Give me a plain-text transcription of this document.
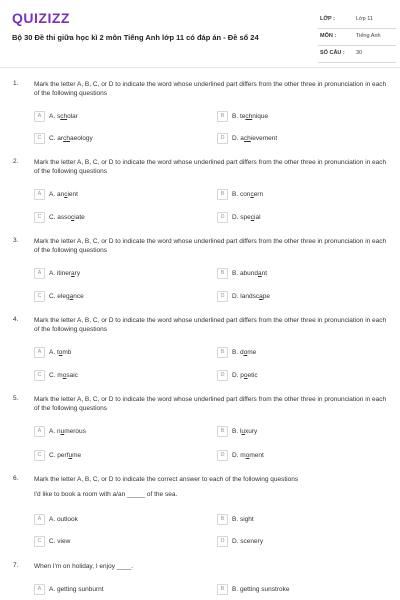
QUIZIZZ
Bộ 30 Đề thi giữa học kì 2 môn Tiếng Anh lớp 11 có đáp án - Đề số 24
LỚP :	Lớp 11
MÔN :	Tiếng Anh
SỐ CÂU : 30
1. Mark the letter A, B, C, or D to indicate the word whose underlined part differs from the other three in pronunciation in each of the following questions
A	A. scholar	B	B. technique
C	C. archaeology	D	D. achievement
2. Mark the letter A, B, C, or D to indicate the word whose underlined part differs from the other three in pronunciation in each of the following questions
A	A. ancient	B	B. concern
C	C. associate	D	D. special
3. Mark the letter A, B, C, or D to indicate the word whose underlined part differs from the other three in pronunciation in each of the following questions
A	A. itinerary	B	B. abundant
C	C. elegance	D	D. landscape
4. Mark the letter A, B, C, or D to indicate the word whose underlined part differs from the other three in pronunciation in each of the following questions
A	A. tomb	B	B. dome
C	C. mosaic	D	D. poetic
5. Mark the letter A, B, C, or D to indicate the word whose underlined part differs from the other three in pronunciation in each of the following questions
A	A. numerous	B	B. luxury
C	C. perfume	D	D. moment
6. Mark the letter A, B, C, or D to indicate the correct answer to each of the following questions
I'd like to book a room with a/an _____ of the sea.
A	A. outlook	B	B. sight
C	C. view	D	D. scenery
7. When I'm on holiday, I enjoy ____.
A	A. getting sunburnt	B	B. getting sunstroke
